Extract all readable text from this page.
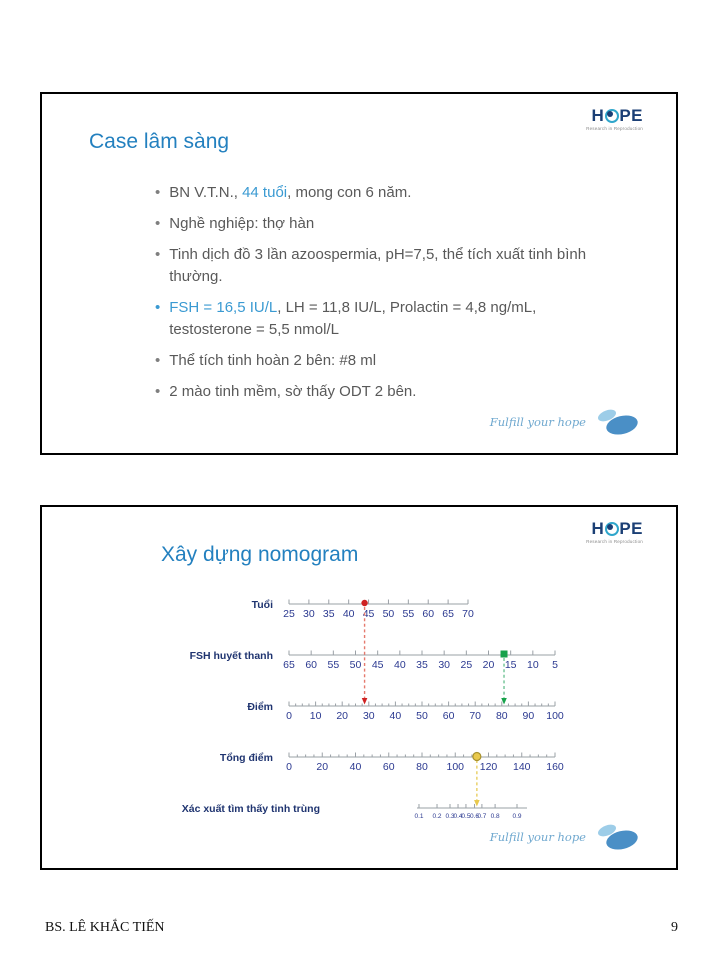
H PE
Research in Reproduction
Case lâm sàng
• BN V.T.N., 44 tuổi, mong con 6 năm.
• Nghề nghiệp: thợ hàn
• Tinh dịch đồ 3 lần azoospermia, pH=7,5, thể tích xuất tinh bình thường.
• FSH = 16,5 IU/L, LH = 11,8 IU/L, Prolactin = 4,8 ng/mL, testosterone = 5,5 nmol/L
• Thể tích tinh hoàn 2 bên: #8 ml
• 2 mào tinh mềm, sờ thấy ODT 2 bên.
Fulfill your hope
H PE
Research in Reproduction
Xây dựng nomogram
25 30 35 40 45 50 55 60 65 70
Tuổi
5
10
15
20
25
30
35
40
45
50
55
60
65
FSH huyết thanh
0 10 20 30 40 50 60 70 80 90 100
Điểm
0 20 40 60 80 100 120 140 160
Tổng điểm
0.1 0.2 0.3
0.4
0.5 0.6
0.7 0.8 0.9
Xác xuất tìm thấy tinh trùng
Fulfill your hope
BS. LÊ KHẮC TIẾN	9
